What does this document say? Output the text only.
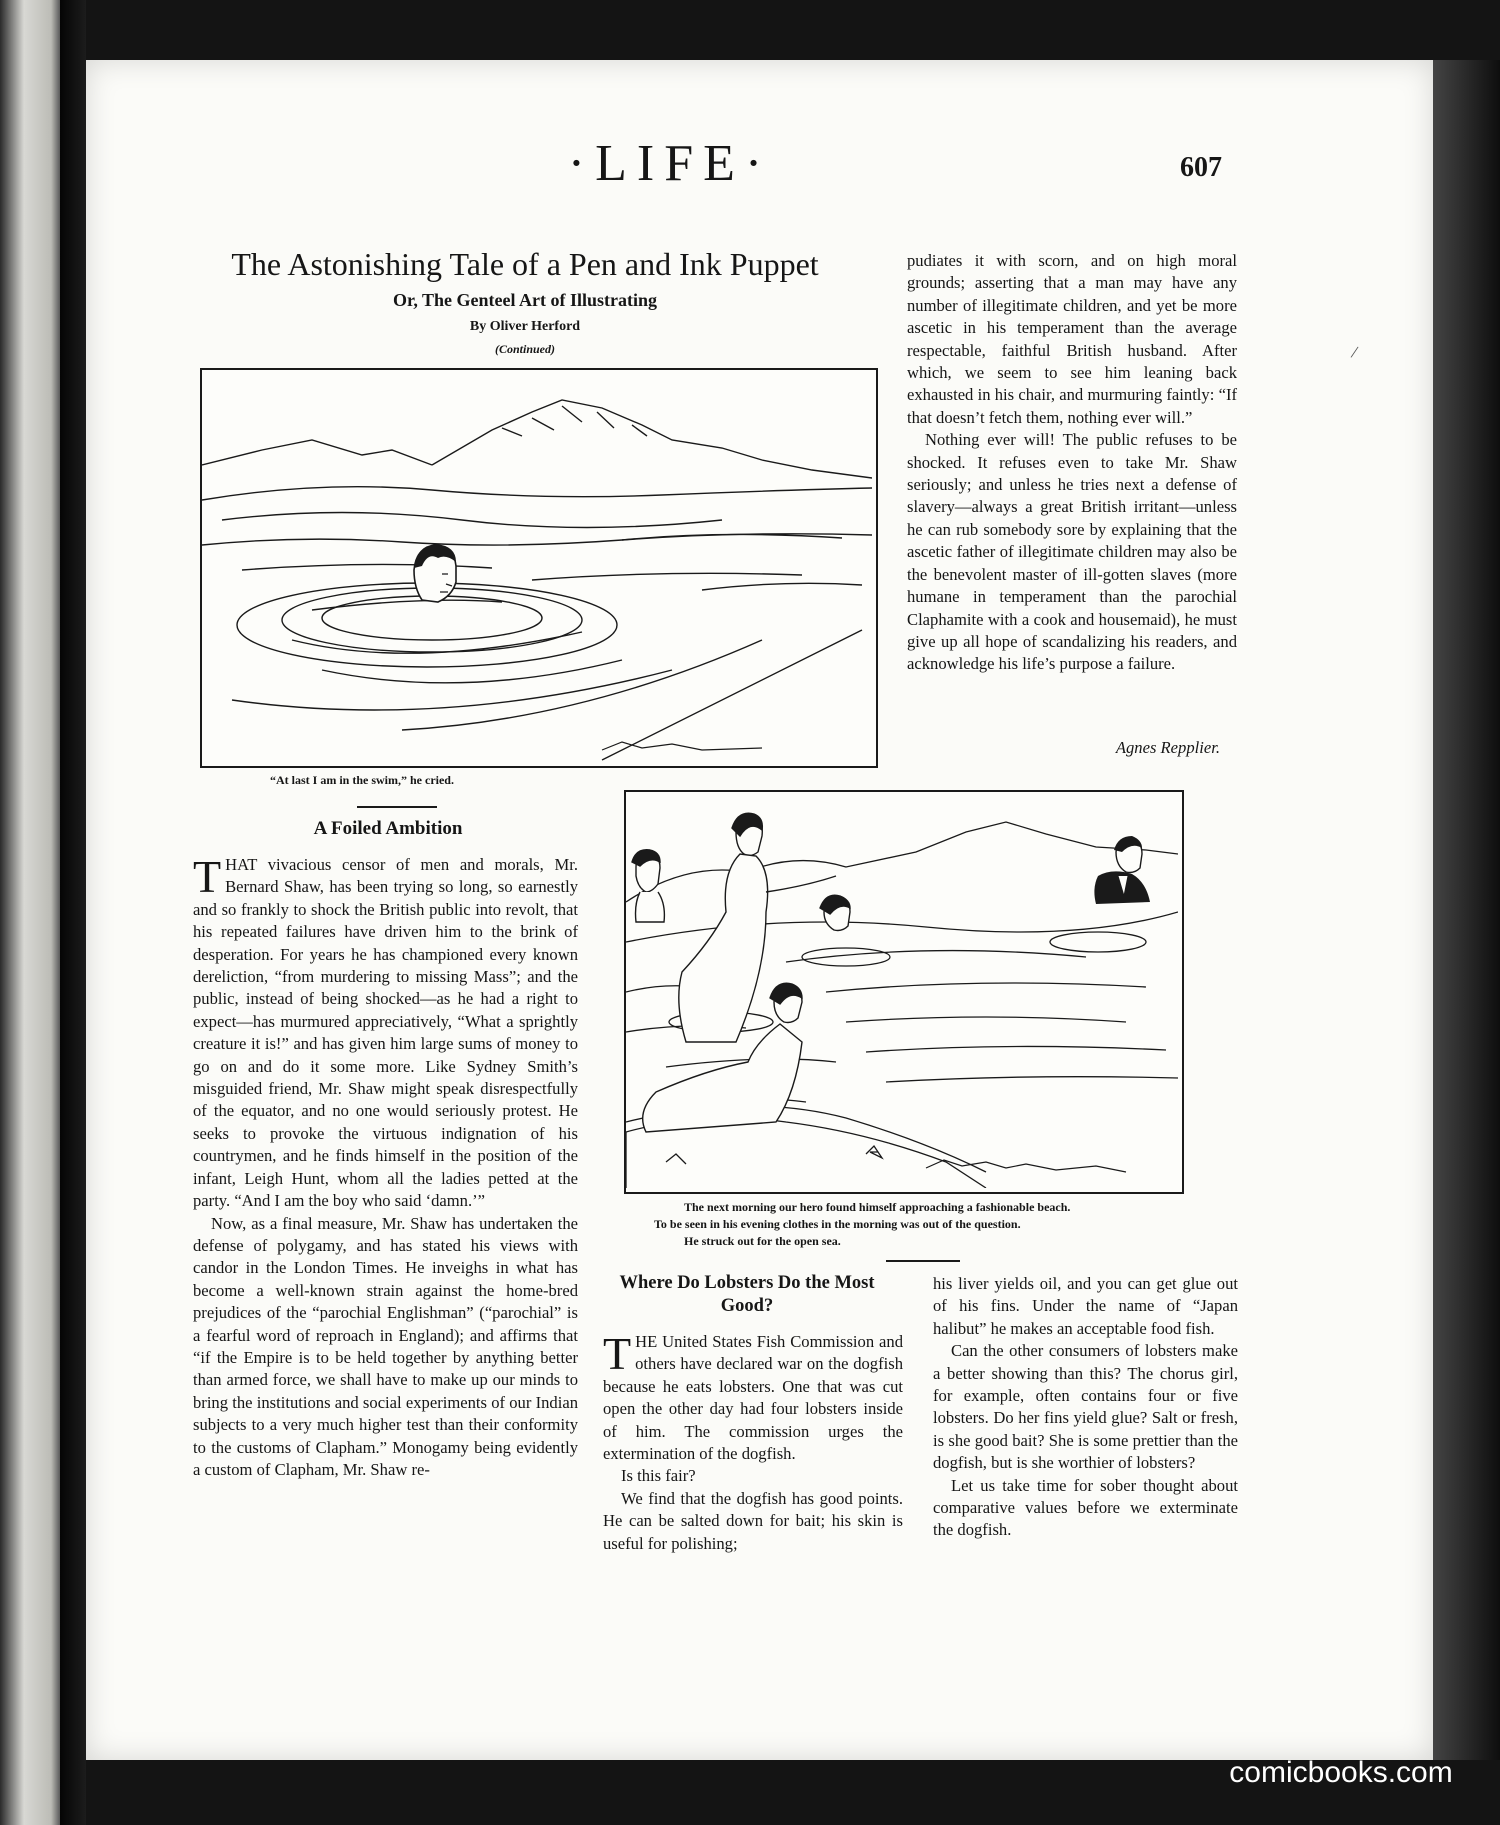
·LIFE·	607
The Astonishing Tale of a Pen and Ink Puppet
Or, The Genteel Art of Illustrating
By Oliver Herford
(Continued)
“At last I am in the swim,” he cried.
A Foiled Ambition

THAT vivacious censor of men and morals, Mr. Bernard Shaw, has been trying so long, so earnestly and so frankly to shock the British public into revolt, that his repeated failures have driven him to the brink of desperation. For years he has championed every known dereliction, “from murdering to missing Mass”; and the public, instead of being shocked—as he had a right to expect—has murmured appreciatively, “What a sprightly creature it is!” and has given him large sums of money to go on and do it some more. Like Sydney Smith’s misguided friend, Mr. Shaw might speak disrespectfully of the equator, and no one would seriously protest. He seeks to provoke the virtuous indignation of his countrymen, and he finds himself in the position of the infant, Leigh Hunt, whom all the ladies petted at the party. “And I am the boy who said ‘damn.’”

Now, as a final measure, Mr. Shaw has undertaken the defense of polygamy, and has stated his views with candor in the London Times. He inveighs in what has become a well-known strain against the home-bred prejudices of the “parochial Englishman” (“parochial” is a fearful word of reproach in England); and affirms that “if the Empire is to be held together by anything better than armed force, we shall have to make up our minds to bring the institutions and social experiments of our Indian subjects to a very much higher test than their conformity to the customs of Clapham.” Monogamy being evidently a custom of Clapham, Mr. Shaw re-

pudiates it with scorn, and on high moral grounds; asserting that a man may have any number of illegitimate children, and yet be more ascetic in his temperament than the average respectable, faithful British husband. After which, we seem to see him leaning back exhausted in his chair, and murmuring faintly: “If that doesn’t fetch them, nothing ever will.”

Nothing ever will! The public refuses to be shocked. It refuses even to take Mr. Shaw seriously; and unless he tries next a defense of slavery—always a great British irritant—unless he can rub somebody sore by explaining that the ascetic father of illegitimate children may also be the benevolent master of ill-gotten slaves (more humane in temperament than the parochial Claphamite with a cook and housemaid), he must give up all hope of scandalizing his readers, and acknowledge his life’s purpose a failure.

Agnes Repplier.
The next morning our hero found himself approaching a fashionable beach.
To be seen in his evening clothes in the morning was out of the question.
He struck out for the open sea.
Where Do Lobsters Do the Most Good?

THE United States Fish Commission and others have declared war on the dogfish because he eats lobsters. One that was cut open the other day had four lobsters inside of him. The commission urges the extermination of the dogfish.

Is this fair?

We find that the dogfish has good points. He can be salted down for bait; his skin is useful for polishing;

his liver yields oil, and you can get glue out of his fins. Under the name of “Japan halibut” he makes an acceptable food fish.

Can the other consumers of lobsters make a better showing than this? The chorus girl, for example, often contains four or five lobsters. Do her fins yield glue? Salt or fresh, is she good bait? She is some prettier than the dogfish, but is she worthier of lobsters?

Let us take time for sober thought about comparative values before we exterminate the dogfish.

/
comicbooks.com
